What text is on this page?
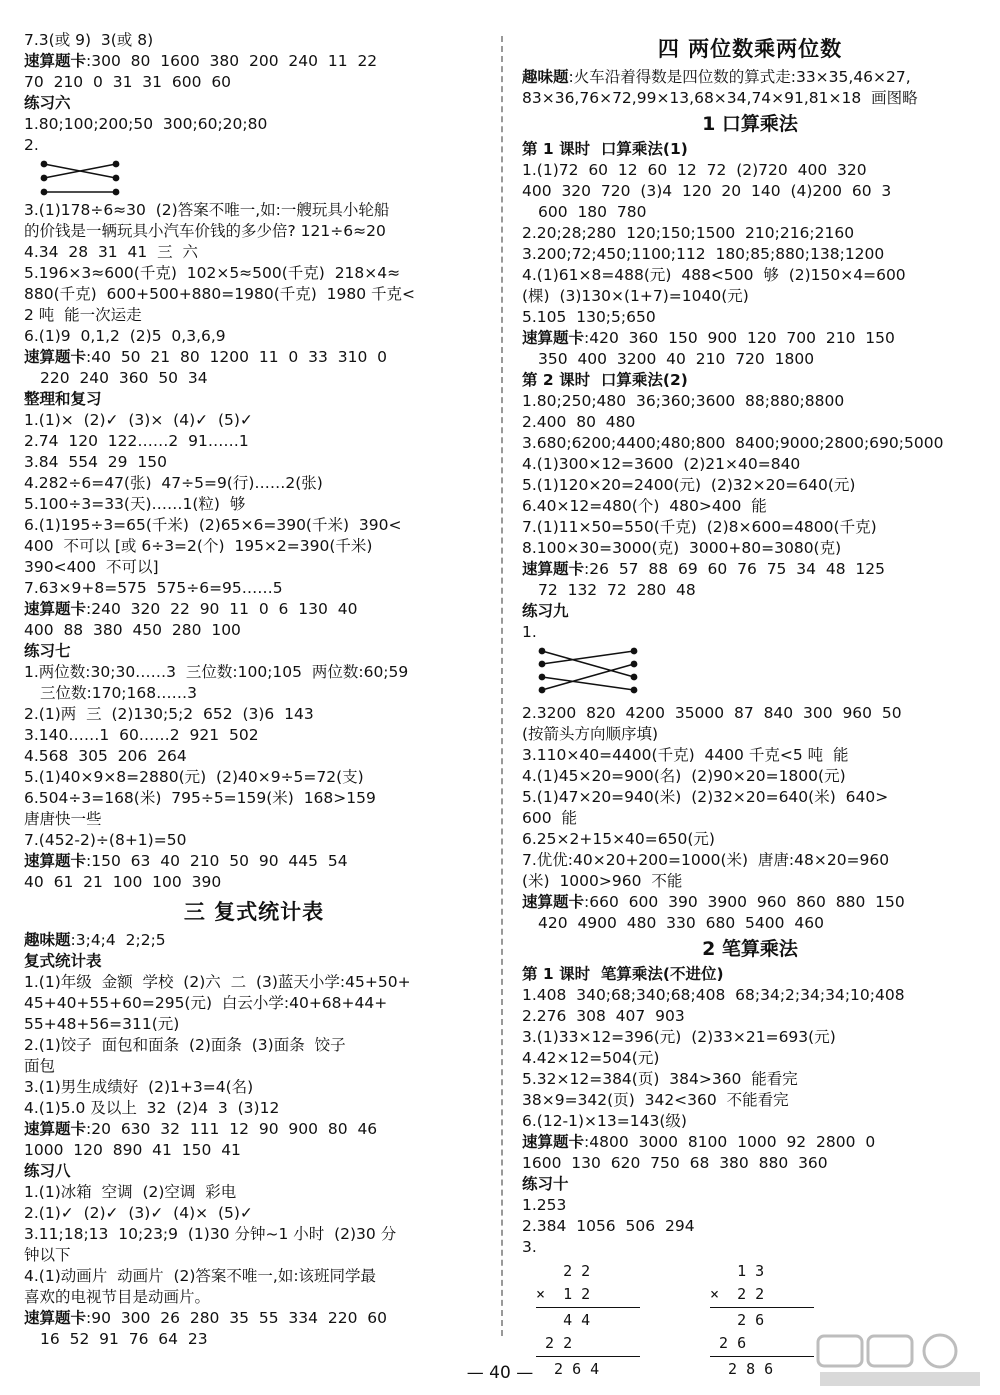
7.3(或 9)  3(或 8)
速算题卡:300  80  1600  380  200  240  11  22
70  210  0  31  31  600  60
练习六
1.80;100;200;50  300;60;20;80
2.
3.(1)178÷6≈30  (2)答案不唯一,如:一艘玩具小轮船
的价钱是一辆玩具小汽车价钱的多少倍? 121÷6≈20
4.34  28  31  41  三  六
5.196×3≈600(千克)  102×5≈500(千克)  218×4≈
880(千克)  600+500+880=1980(千克)  1980 千克<
2 吨  能一次运走
6.(1)9  0,1,2  (2)5  0,3,6,9
速算题卡:40  50  21  80  1200  11  0  33  310  0
220  240  360  50  34
整理和复习
1.(1)×  (2)✓  (3)×  (4)✓  (5)✓
2.74  120  122……2  91……1
3.84  554  29  150
4.282÷6=47(张)  47÷5=9(行)……2(张)
5.100÷3=33(天)……1(粒)  够
6.(1)195÷3=65(千米)  (2)65×6=390(千米)  390<
400  不可以 [或 6÷3=2(个)  195×2=390(千米)
390<400  不可以]
7.63×9+8=575  575÷6=95……5
速算题卡:240  320  22  90  11  0  6  130  40
400  88  380  450  280  100
练习七
1.两位数:30;30……3  三位数:100;105  两位数:60;59
三位数:170;168……3
2.(1)两  三  (2)130;5;2  652  (3)6  143
3.140……1  60……2  921  502
4.568  305  206  264
5.(1)40×9×8=2880(元)  (2)40×9÷5=72(支)
6.504÷3=168(米)  795÷5=159(米)  168>159
唐唐快一些
7.(452-2)÷(8+1)=50
速算题卡:150  63  40  210  50  90  445  54
40  61  21  100  100  390
三 复式统计表
趣味题:3;4;4  2;2;5
复式统计表
1.(1)年级  金额  学校  (2)六  二  (3)蓝天小学:45+50+
45+40+55+60=295(元)  白云小学:40+68+44+
55+48+56=311(元)
2.(1)饺子  面包和面条  (2)面条  (3)面条  饺子
面包
3.(1)男生成绩好  (2)1+3=4(名)
4.(1)5.0 及以上  32  (2)4  3  (3)12
速算题卡:20  630  32  111  12  90  900  80  46
1000  120  890  41  150  41
练习八
1.(1)冰箱  空调  (2)空调  彩电
2.(1)✓  (2)✓  (3)✓  (4)×  (5)✓
3.11;18;13  10;23;9  (1)30 分钟~1 小时  (2)30 分
钟以下
4.(1)动画片  动画片  (2)答案不唯一,如:该班同学最
喜欢的电视节目是动画片。
速算题卡:90  300  26  280  35  55  334  220  60
16  52  91  76  64  23
四 两位数乘两位数
趣味题:火车沿着得数是四位数的算式走:33×35,46×27,
83×36,76×72,99×13,68×34,74×91,81×18  画图略
1 口算乘法
第 1 课时  口算乘法(1)
1.(1)72  60  12  60  12  72  (2)720  400  320
400  320  720  (3)4  120  20  140  (4)200  60  3
600  180  780
2.20;28;280  120;150;1500  210;216;2160
3.200;72;450;1100;112  180;85;880;138;1200
4.(1)61×8=488(元)  488<500  够  (2)150×4=600
(棵)  (3)130×(1+7)=1040(元)
5.105  130;5;650
速算题卡:420  360  150  900  120  700  210  150
350  400  3200  40  210  720  1800
第 2 课时  口算乘法(2)
1.80;250;480  36;360;3600  88;880;8800
2.400  80  480
3.680;6200;4400;480;800  8400;9000;2800;690;5000
4.(1)300×12=3600  (2)21×40=840
5.(1)120×20=2400(元)  (2)32×20=640(元)
6.40×12=480(个)  480>400  能
7.(1)11×50=550(千克)  (2)8×600=4800(千克)
8.100×30=3000(克)  3000+80=3080(克)
速算题卡:26  57  88  69  60  76  75  34  48  125
72  132  72  280  48
练习九
1.
2.3200  820  4200  35000  87  840  300  960  50
(按箭头方向顺序填)
3.110×40=4400(千克)  4400 千克<5 吨  能
4.(1)45×20=900(名)  (2)90×20=1800(元)
5.(1)47×20=940(米)  (2)32×20=640(米)  640>
600  能
6.25×2+15×40=650(元)
7.优优:40×20+200=1000(米)  唐唐:48×20=960
(米)  1000>960  不能
速算题卡:660  600  390  3900  960  860  880  150
420  4900  480  330  680  5400  460
2 笔算乘法
第 1 课时  笔算乘法(不进位)
1.408  340;68;340;68;408  68;34;2;34;34;10;408
2.276  308  407  903
3.(1)33×12=396(元)  (2)33×21=693(元)
4.42×12=504(元)
5.32×12=384(页)  384>360  能看完
38×9=342(页)  342<360  不能看完
6.(12-1)×13=143(级)
速算题卡:4800  3000  8100  1000  92  2800  0
1600  130  620  750  68  380  880  360
练习十
1.253
2.384  1056  506  294
3.
2 2
×  1 2
4 4
2 2
2 6 4
1 3
×  2 2
2 6
2 6
2 8 6
— 40 —
